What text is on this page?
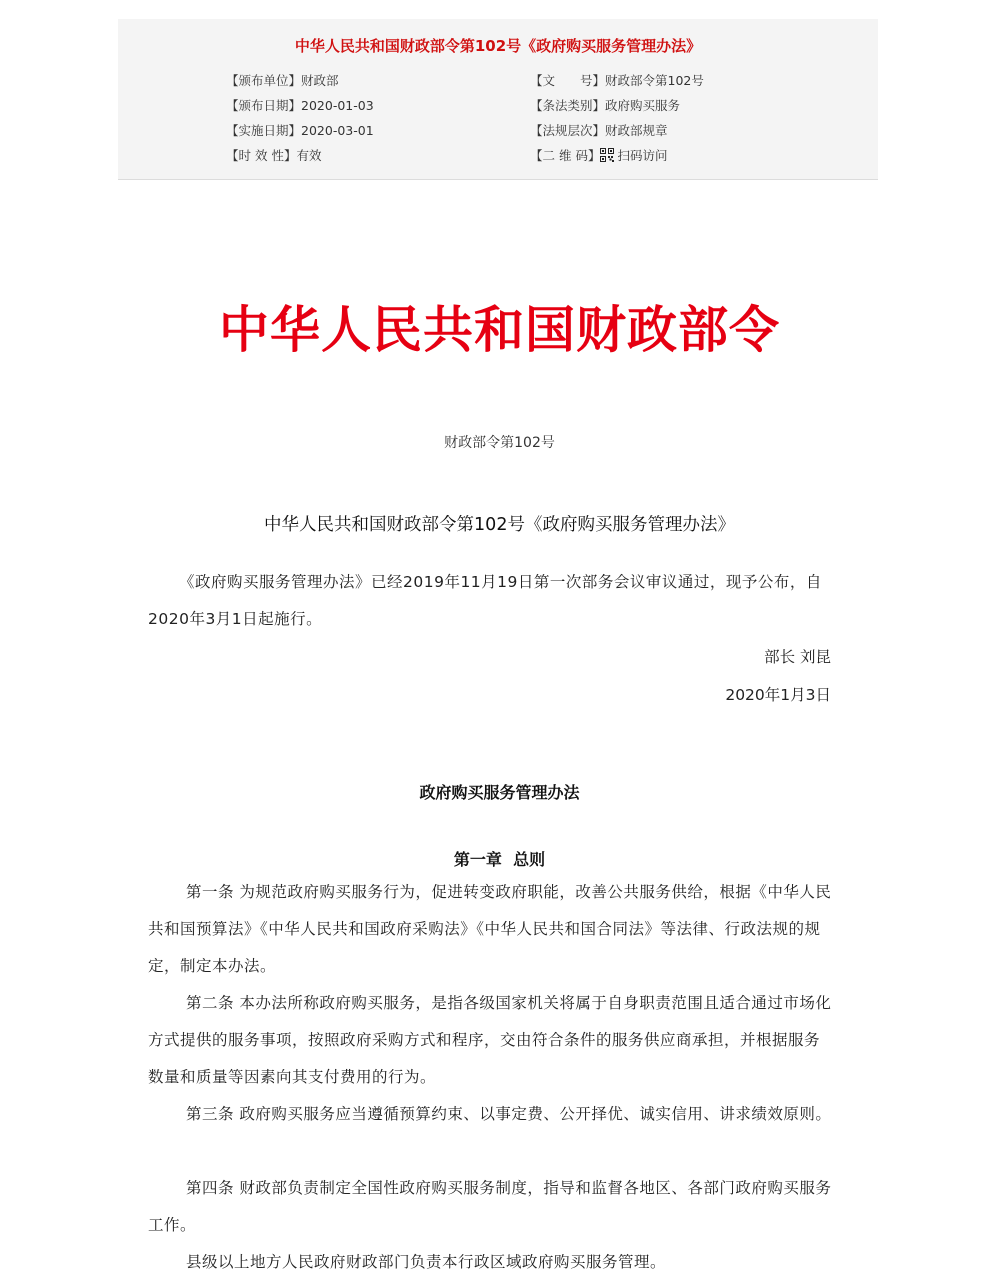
中华人民共和国财政部令第102号《政府购买服务管理办法》
【颁布单位】财政部
【颁布日期】2020-01-03
【实施日期】2020-03-01
【时 效 性】有效
【文　　号】财政部令第102号
【条法类别】政府购买服务
【法规层次】财政部规章
【二 维 码】 扫码访问
中华人民共和国财政部令
财政部令第102号
中华人民共和国财政部令第102号《政府购买服务管理办法》
《政府购买服务管理办法》已经2019年11月19日第一次部务会议审议通过，现予公布，自2020年3月1日起施行。
部长 刘昆
2020年1月3日
政府购买服务管理办法
第一章  总则
第一条 为规范政府购买服务行为，促进转变政府职能，改善公共服务供给，根据《中华人民共和国预算法》《中华人民共和国政府采购法》《中华人民共和国合同法》等法律、行政法规的规定，制定本办法。
第二条 本办法所称政府购买服务，是指各级国家机关将属于自身职责范围且适合通过市场化方式提供的服务事项，按照政府采购方式和程序，交由符合条件的服务供应商承担，并根据服务数量和质量等因素向其支付费用的行为。
第三条 政府购买服务应当遵循预算约束、以事定费、公开择优、诚实信用、讲求绩效原则。
第四条 财政部负责制定全国性政府购买服务制度，指导和监督各地区、各部门政府购买服务工作。
县级以上地方人民政府财政部门负责本行政区域政府购买服务管理。
